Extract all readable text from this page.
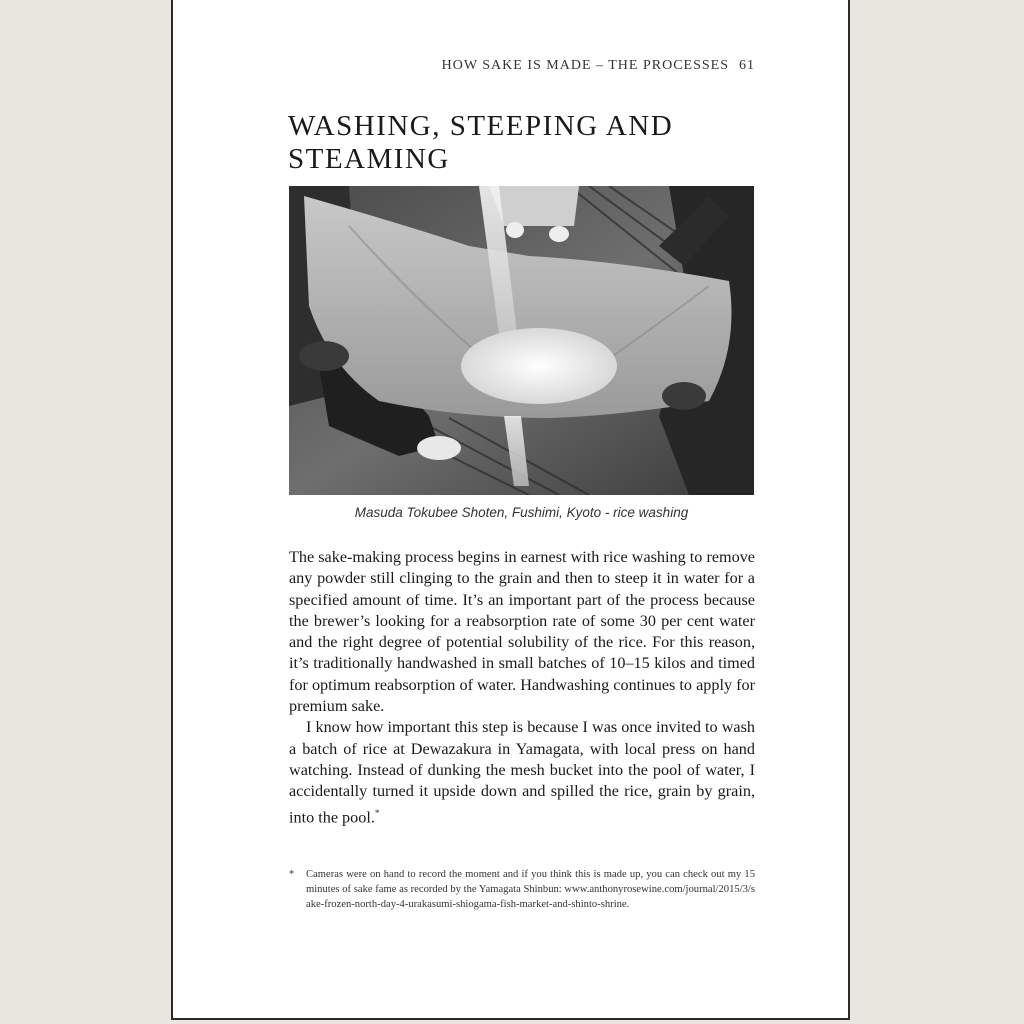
HOW SAKE IS MADE – THE PROCESSES 61
WASHING, STEEPING AND STEAMING
Masuda Tokubee Shoten, Fushimi, Kyoto - rice washing

The sake-making process begins in earnest with rice washing to remove any powder still clinging to the grain and then to steep it in water for a specified amount of time. It’s an important part of the process because the brewer’s looking for a reabsorption rate of some 30 per cent water and the right degree of potential solubility of the rice. For this reason, it’s traditionally handwashed in small batches of 10–15 kilos and timed for optimum reabsorption of water. Handwashing continues to apply for premium sake.

I know how important this step is because I was once invited to wash a batch of rice at Dewazakura in Yamagata, with local press on hand watching. Instead of dunking the mesh bucket into the pool of water, I accidentally turned it upside down and spilled the rice, grain by grain, into the pool.*

*	Cameras were on hand to record the moment and if you think this is made up, you can check out my 15 minutes of sake fame as recorded by the Yamagata Shinbun: www.anthonyrosewine.com/journal/2015/3/sake-frozen-north-day-4-urakasumi-shiogama-fish-market-and-shinto-shrine.
